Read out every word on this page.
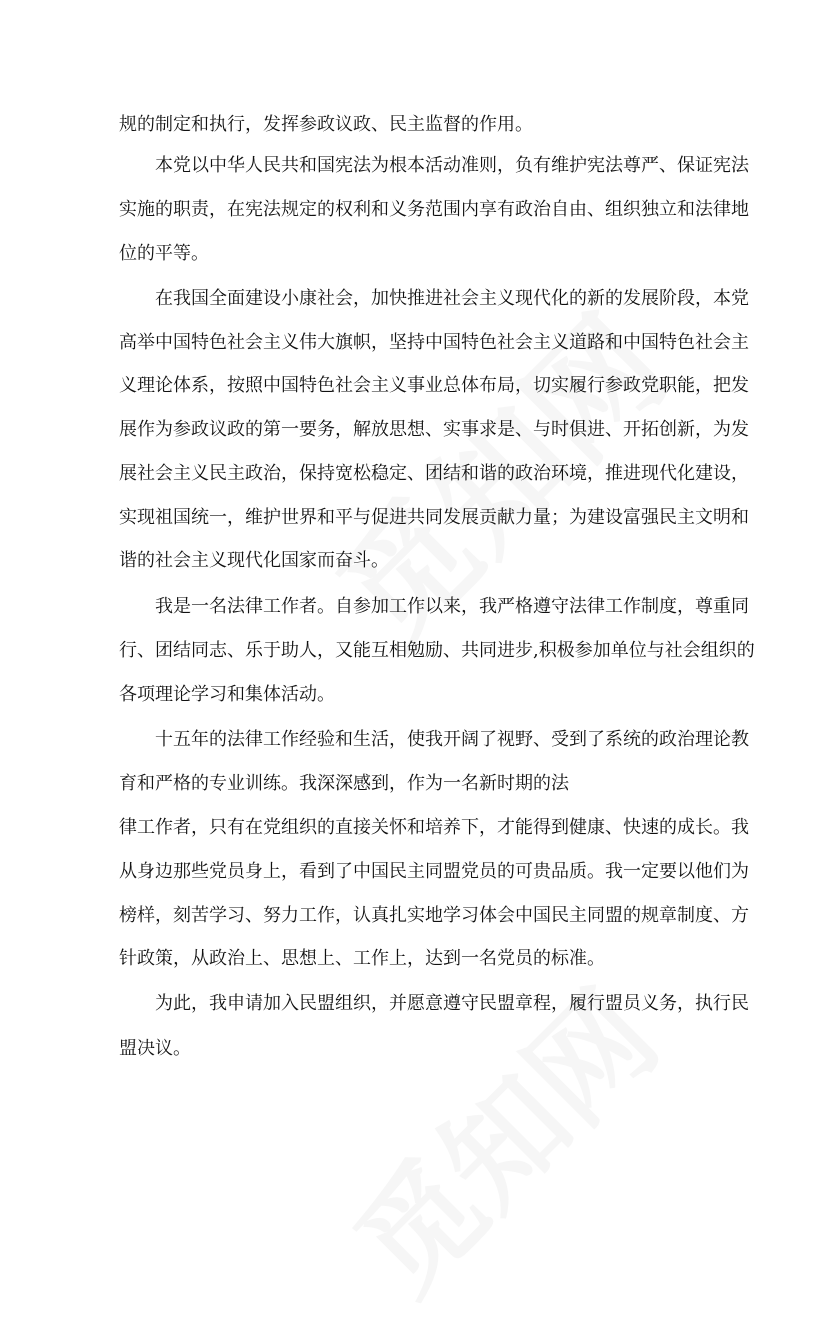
规的制定和执行，发挥参政议政、民主监督的作用。
本党以中华人民共和国宪法为根本活动准则，负有维护宪法尊严、保证宪法
实施的职责，在宪法规定的权利和义务范围内享有政治自由、组织独立和法律地
位的平等。
在我国全面建设小康社会，加快推进社会主义现代化的新的发展阶段，本党
高举中国特色社会主义伟大旗帜，坚持中国特色社会主义道路和中国特色社会主
义理论体系，按照中国特色社会主义事业总体布局，切实履行参政党职能，把发
展作为参政议政的第一要务，解放思想、实事求是、与时俱进、开拓创新，为发
展社会主义民主政治，保持宽松稳定、团结和谐的政治环境，推进现代化建设，
实现祖国统一，维护世界和平与促进共同发展贡献力量；为建设富强民主文明和
谐的社会主义现代化国家而奋斗。
我是一名法律工作者。自参加工作以来，我严格遵守法律工作制度，尊重同
行、团结同志、乐于助人，又能互相勉励、共同进步,积极参加单位与社会组织的
各项理论学习和集体活动。
十五年的法律工作经验和生活，使我开阔了视野、受到了系统的政治理论教
育和严格的专业训练。我深深感到，作为一名新时期的法
律工作者，只有在党组织的直接关怀和培养下，才能得到健康、快速的成长。我
从身边那些党员身上，看到了中国民主同盟党员的可贵品质。我一定要以他们为
榜样，刻苦学习、努力工作，认真扎实地学习体会中国民主同盟的规章制度、方
针政策，从政治上、思想上、工作上，达到一名党员的标准。
为此，我申请加入民盟组织，并愿意遵守民盟章程，履行盟员义务，执行民
盟决议。
